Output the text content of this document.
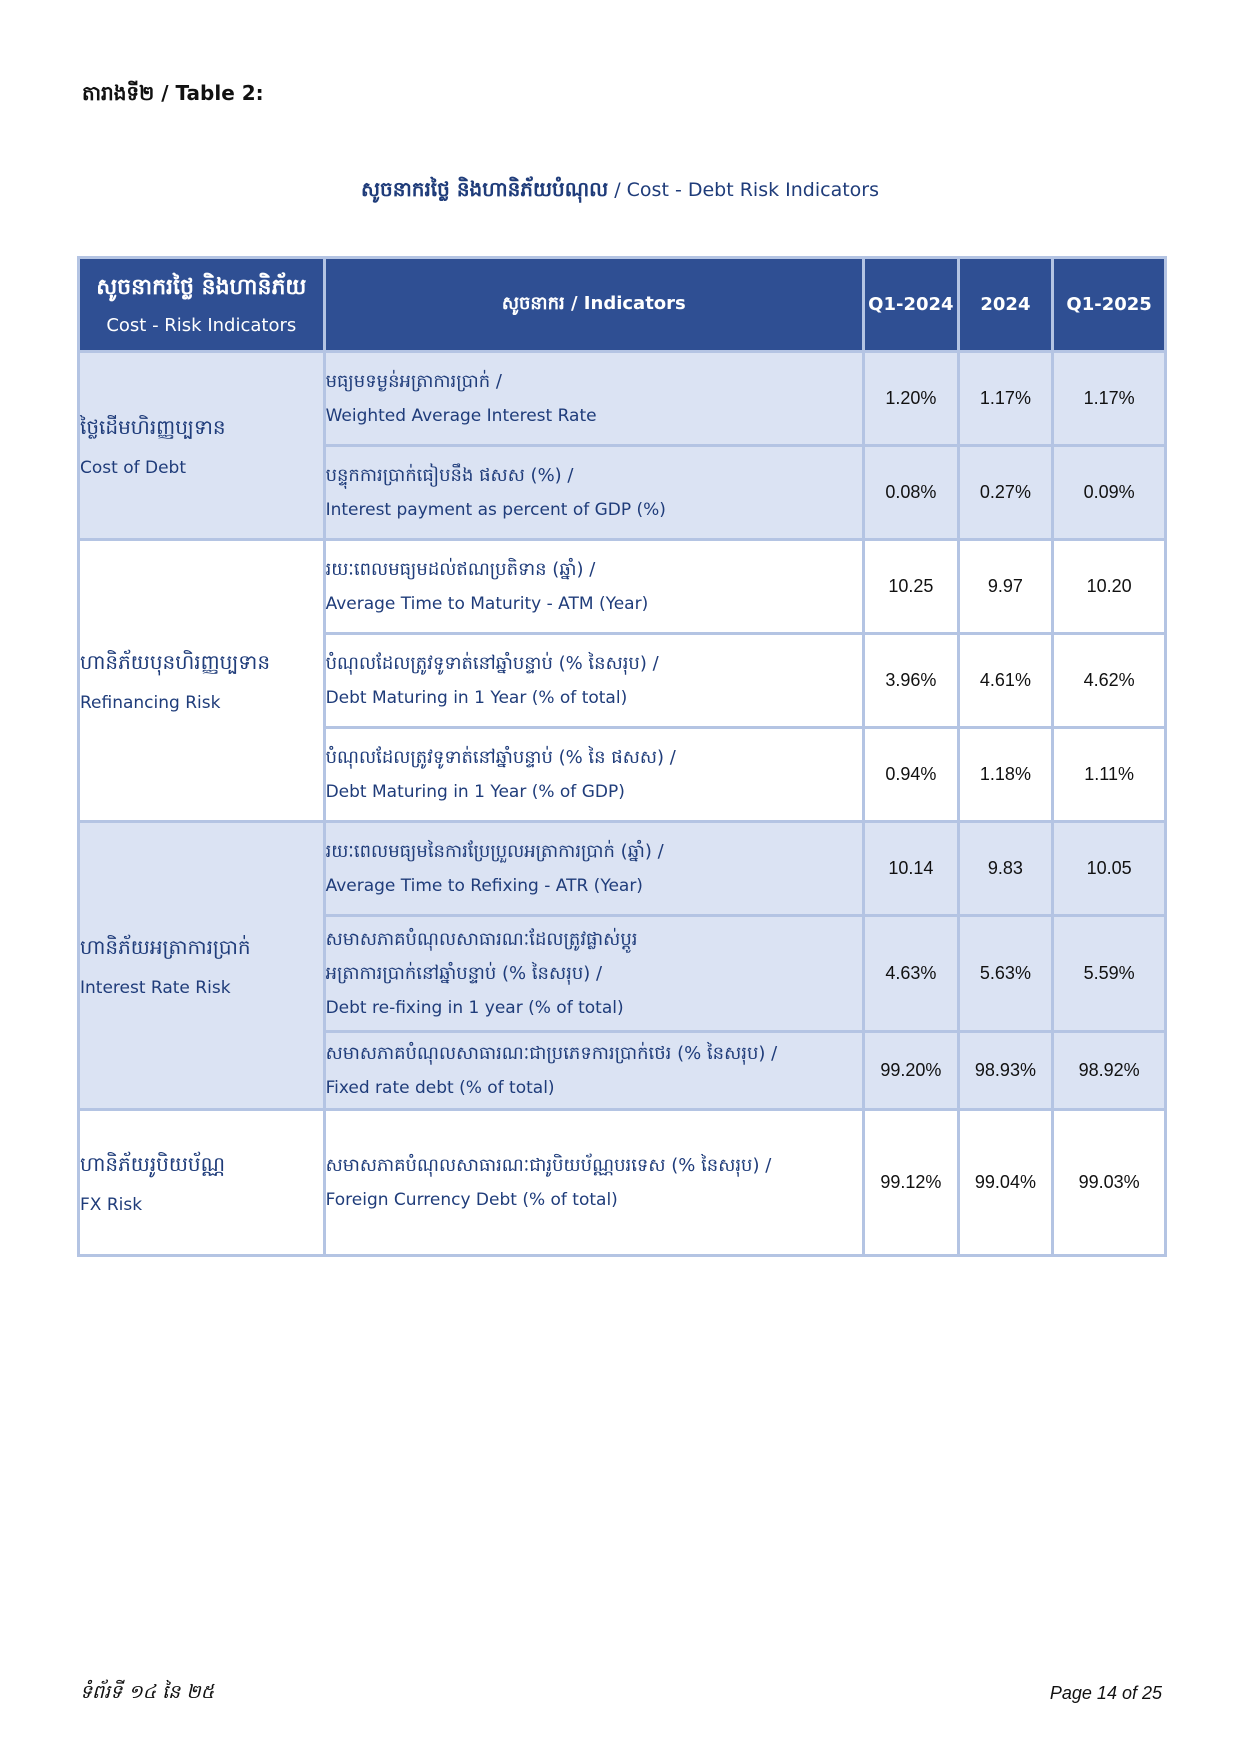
តារាងទី២ / Table 2:
សូចនាករថ្លៃ និងហានិភ័យបំណុល / Cost - Debt Risk Indicators
សូចនាករថ្លៃ និងហានិភ័យ
Cost - Risk Indicators	សូចនាករ / Indicators	Q1-2024	2024	Q1-2025

ថ្លៃដើមហិរញ្ញប្បទាន
Cost of Debt	មធ្យមទម្ងន់អត្រាការប្រាក់ /
Weighted Average Interest Rate	1.20%	1.17%	1.17%

	បន្ទុកការប្រាក់ធៀបនឹង ផសស (%) /
Interest payment as percent of GDP (%)	0.08%	0.27%	0.09%

ហានិភ័យបុនហិរញ្ញប្បទាន
Refinancing Risk	រយៈពេលមធ្យមដល់ឥណប្រតិទាន (ឆ្នាំ) /
Average Time to Maturity - ATM (Year)	10.25	9.97	10.20

	បំណុលដែលត្រូវទូទាត់នៅឆ្នាំបន្ទាប់ (% នៃសរុប) /
Debt Maturing in 1 Year (% of total)	3.96%	4.61%	4.62%

	បំណុលដែលត្រូវទូទាត់នៅឆ្នាំបន្ទាប់ (% នៃ ផសស) /
Debt Maturing in 1 Year (% of GDP)	0.94%	1.18%	1.11%

ហានិភ័យអត្រាការប្រាក់
Interest Rate Risk	រយៈពេលមធ្យមនៃការប្រែប្រួលអត្រាការប្រាក់ (ឆ្នាំ) /
Average Time to Refixing - ATR (Year)	10.14	9.83	10.05

	សមាសភាគបំណុលសាធារណៈដែលត្រូវផ្លាស់ប្តូរ
អត្រាការប្រាក់នៅឆ្នាំបន្ទាប់ (% នៃសរុប) /
Debt re-fixing in 1 year (% of total)	4.63%	5.63%	5.59%

	សមាសភាគបំណុលសាធារណៈជាប្រភេទការប្រាក់ថេរ (% នៃសរុប) /
Fixed rate debt (% of total)	99.20%	98.93%	98.92%

ហានិភ័យរូបិយប័ណ្ណ
FX Risk	សមាសភាគបំណុលសាធារណៈជារូបិយប័ណ្ណបរទេស (% នៃសរុប) /
Foreign Currency Debt (% of total)	99.12%	99.04%	99.03%
ទំព័រទី ១៤ នៃ ២៥	Page 14 of 25
